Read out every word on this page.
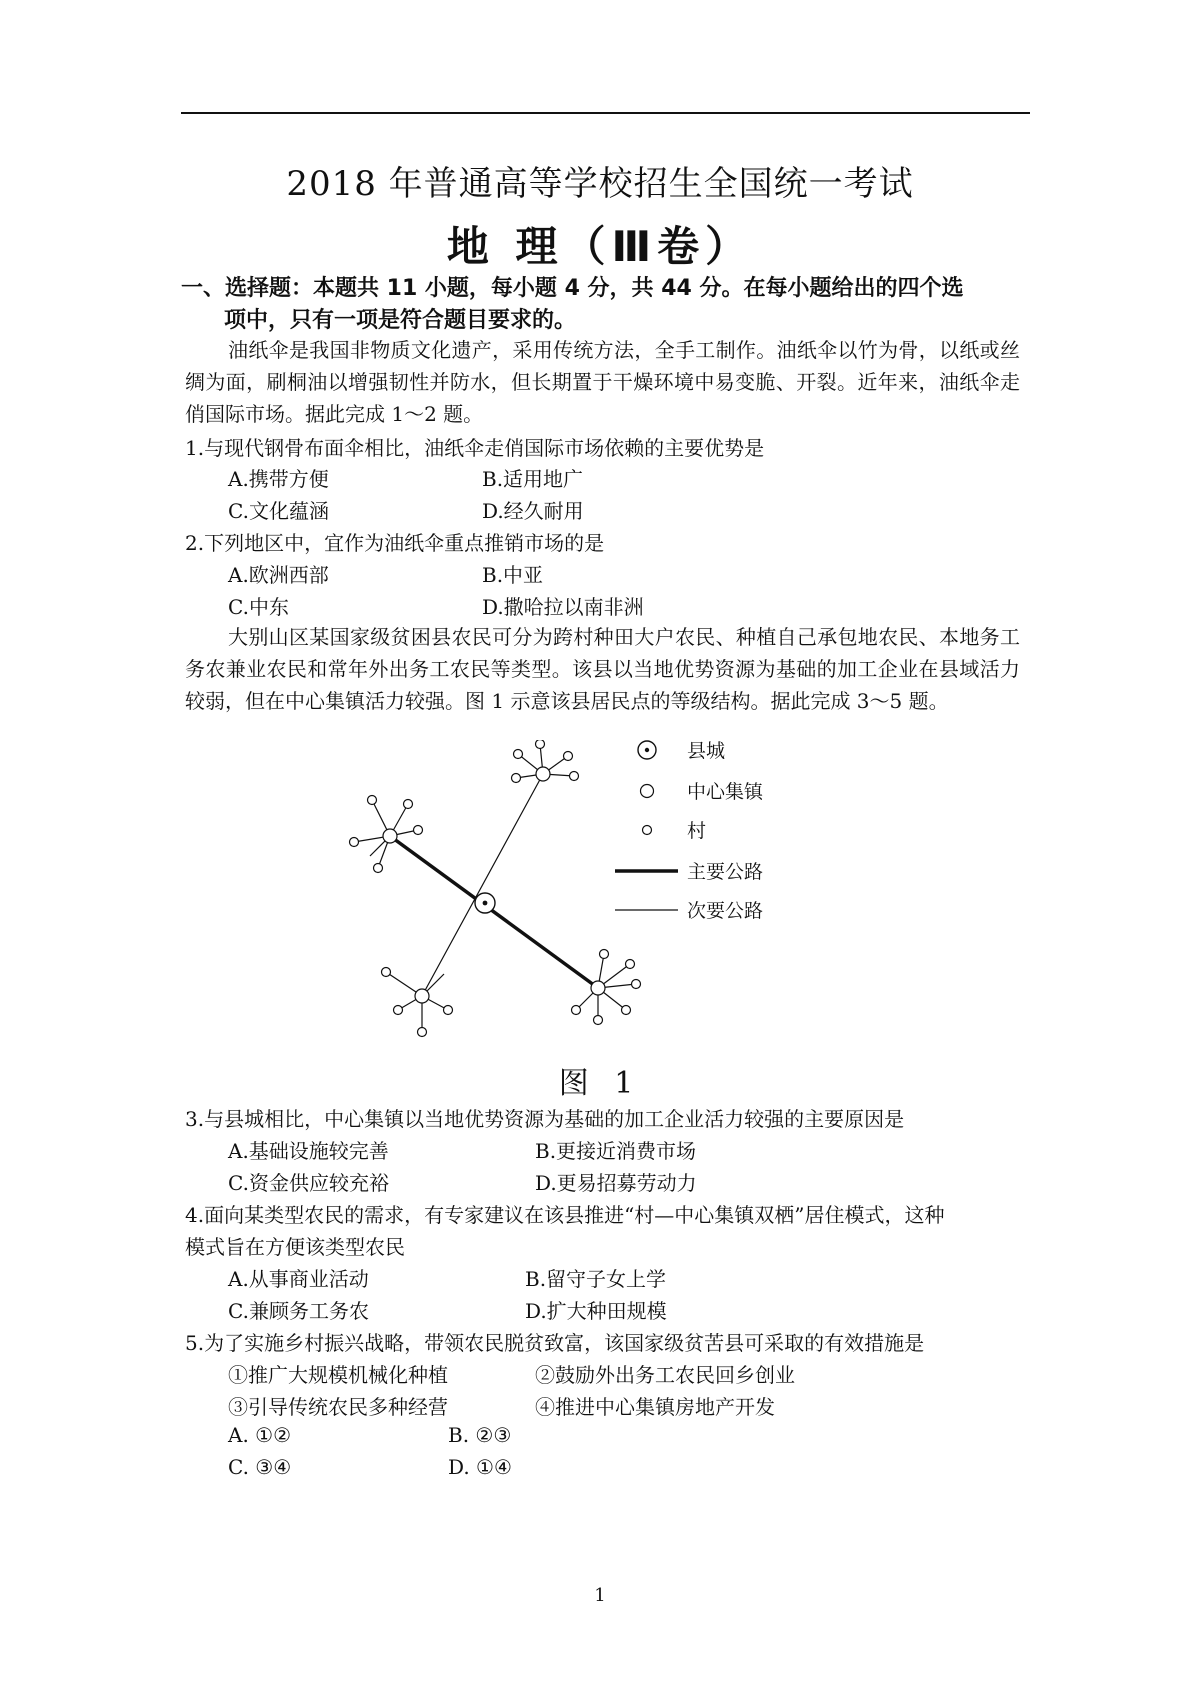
2018 年普通高等学校招生全国统一考试
地 理（Ⅲ卷）
一、选择题：本题共 11 小题，每小题 4 分，共 44 分。在每小题给出的四个选
项中，只有一项是符合题目要求的。
油纸伞是我国非物质文化遗产，采用传统方法，全手工制作。油纸伞以竹为骨，以纸或丝绸为面，刷桐油以增强韧性并防水，但长期置于干燥环境中易变脆、开裂。近年来，油纸伞走俏国际市场。据此完成 1～2 题。
1.与现代钢骨布面伞相比，油纸伞走俏国际市场依赖的主要优势是
A.携带方便	B.适用地广
C.文化蕴涵	D.经久耐用
2.下列地区中，宜作为油纸伞重点推销市场的是
A.欧洲西部	B.中亚
C.中东	D.撒哈拉以南非洲
大别山区某国家级贫困县农民可分为跨村种田大户农民、种植自己承包地农民、本地务工务农兼业农民和常年外出务工农民等类型。该县以当地优势资源为基础的加工企业在县域活力较弱，但在中心集镇活力较强。图 1 示意该县居民点的等级结构。据此完成 3～5 题。
县城
中心集镇
村
主要公路
次要公路
图 1
3.与县城相比，中心集镇以当地优势资源为基础的加工企业活力较强的主要原因是
A.基础设施较完善	B.更接近消费市场
C.资金供应较充裕	D.更易招募劳动力
4.面向某类型农民的需求，有专家建议在该县推进“村—中心集镇双栖”居住模式，这种
模式旨在方便该类型农民
A.从事商业活动	B.留守子女上学
C.兼顾务工务农	D.扩大种田规模
5.为了实施乡村振兴战略，带领农民脱贫致富，该国家级贫苦县可采取的有效措施是
①推广大规模机械化种植	②鼓励外出务工农民回乡创业
③引导传统农民多种经营	④推进中心集镇房地产开发
A. ①②	B. ②③
C. ③④	D. ①④
1
